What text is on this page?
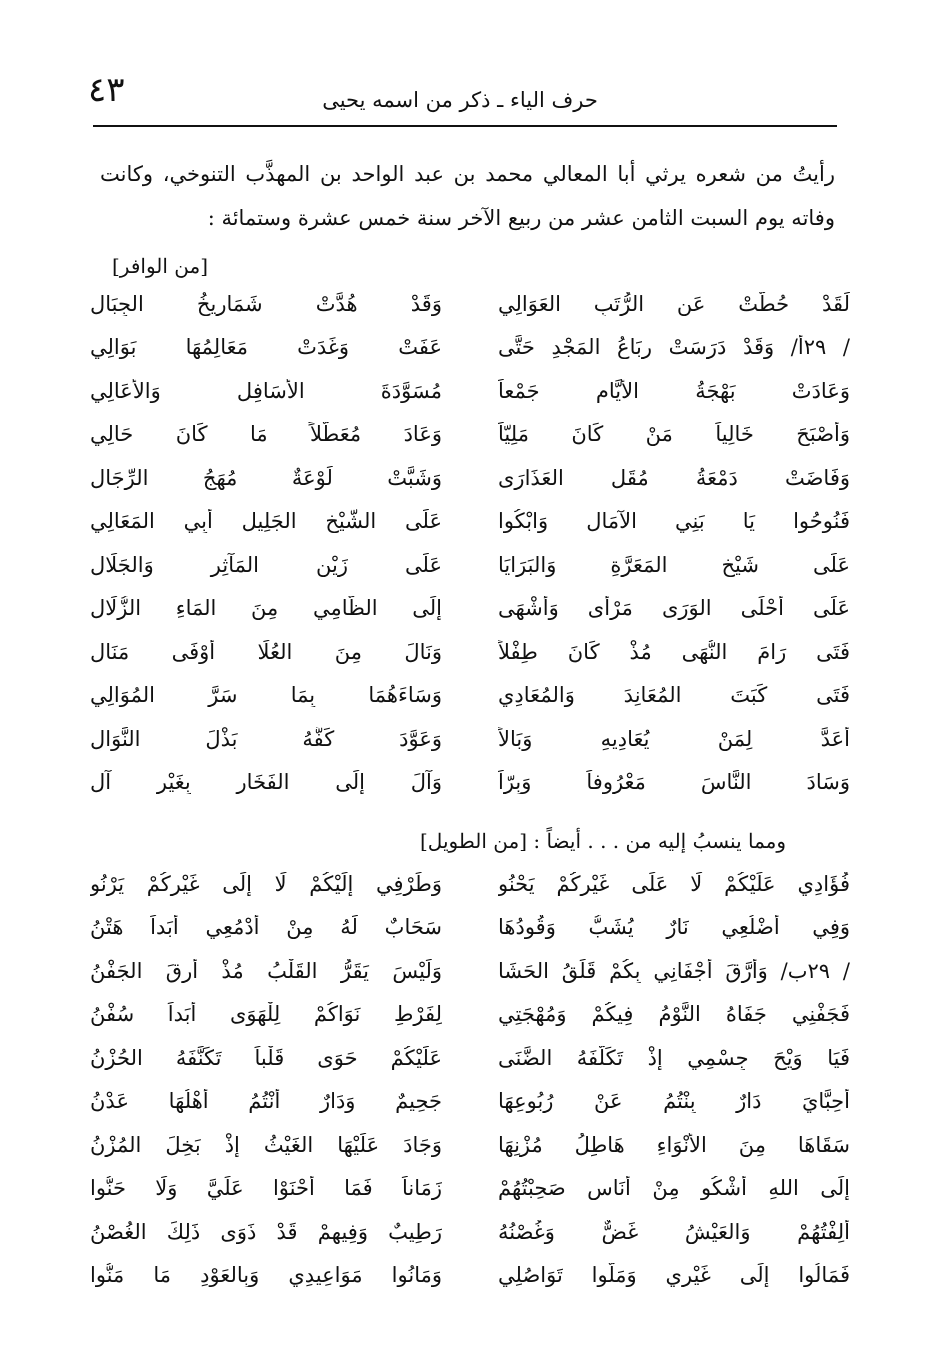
٤٣	حرف الياء ـ ذكر من اسمه يحيى
رأيتُ من شعره يرثي أبا المعالي محمد بن عبد الواحد بن المهذَّب التنوخي، وكانت
وفاته يوم السبت الثامن عشر من ربيع الآخر سنة خمس عشرة وستمائة :
[من الوافر]
لَقَدْ حُطَّتْ عَنِ الرُّتَبِ العَوَالِي
وَقَدْ هُدَّتْ شَمَارِيخُ الجِبَالِ
/ ٢٩أ/ وَقَدْ دَرَسَتْ رِبَاعُ المَجْدِ حَتَّى
عَفَتْ وَغَدَتْ مَعَالِمُهَا بَوَالِي
وَعَادَتْ بَهْجَةُ الأَيَّامِ جَمْعاً
مُسَوَّدَةَ الأَسَافِلِ وَالأَعَالِي
وَأَصْبَحَ خَالِياً مَنْ كَانَ مَلِيّاً
وَعَادَ مُعَطَّلاً مَا كَانَ حَالِي
وَفَاضَتْ دَمْعَةُ مُقَلِ العَذَارَى
وَشَبَّتْ لَوْعَةٌ مُهَجُ الرِّجَالِ
فَنُوحُوا يَا بَنِي الآمَالِ وَابْكُوا
عَلَى الشَّيْخِ الجَلِيلِ أَبِي المَعَالِي
عَلَى شَيْخِ المَعَرَّةِ وَالبَرَايَا
عَلَى زَيْنِ المَآثِرِ وَالجَلَالِ
عَلَى أَحْلَى الوَرَى مَرْأَى وَأَشْهَى
إِلَى الظَّامِي مِنَ المَاءِ الزُّلَالِ
فَتَى رَامَ النُّهَى مُذْ كَانَ طِفْلاً
وَنَالَ مِنَ العُلَا أَوْفَى مَنَالِ
فَتَى كَبَتَ المُعَانِدَ وَالمُعَادِي
وَسَاءَهُمَا بِمَا سَرَّ المُوَالِي
أَعَدَّ لِمَنْ يُعَادِيهِ وَبَالاً
وَعَوَّدَ كَفَّهُ بَذْلَ النَّوَالِ
وَسَادَ النَّاسَ مَعْرُوفاً وَبِرّاً
وَآلَ إِلَى الفَخَارِ بِغَيْرِ آلِ
ومما ينسبُ إليه من . . . أيضاً : [من الطويل]
فُؤَادِي عَلَيْكُمْ لَا عَلَى غَيْرِكُمْ يَحْنُو
وَطَرْفِي إِلَيْكُمْ لَا إِلَى غَيْرِكُمْ يَرْنُو
وَفِي أَضْلُعِي نَارٌ يُشَبُّ وَقُودُهَا
سَحَابٌ لَهُ مِنْ أَدْمُعِي أَبَداً هَتْنُ
/ ٢٩ب/ وَأَرَّقَ أَجْفَانِي بِكُمْ قَلَقُ الحَشَا
وَلَيْسَ يَقَرُّ القَلْبُ مُذْ أَرِقَ الجَفْنُ
فَجَفْنِي جَفَاهُ النَّوْمُ فِيكُمْ وَمُهْجَتِي
لِفَرْطِ نَوَاكُمْ لِلْهَوَى أَبَداً سُفْنُ
فَيَا وَيْحَ جِسْمِي إِذْ تَكَلَّفَهُ الضَّنَى
عَلَيْكُمْ حَوَى قَلْباً تَكَنَّفَهُ الحُزْنُ
أَحِبَّايَ دَارٌ بِنْتُمُ عَنْ رُبُوعِهَا
جَحِيمٌ وَدَارٌ أَنْتُمُ أَهْلُهَا عَدْنُ
سَقَاهَا مِنَ الأَنْوَاءِ هَاطِلُ مُزْنِهَا
وَجَادَ عَلَيْهَا الغَيْثُ إِذْ بَخِلَ المُزْنُ
إِلَى اللهِ أَشْكُو مِنْ أُنَاسٍ صَحِبْتُهُمْ
زَمَاناً فَمَا أَحْنَوْا عَلَيَّ وَلَا حَنُّوا
أَلِفْتُهُمْ وَالعَيْشُ غَضٌّ وَغُصْنُهُ
رَطِيبٌ وَفِيهِمْ قَدْ ذَوَى ذَلِكَ الغُصْنُ
فَمَالُوا إِلَى غَيْرِي وَمَلُّوا تَوَاصُلِي
وَمَانُوا مَوَاعِيدِي وَبِالعَوْدِ مَا مَنُّوا
